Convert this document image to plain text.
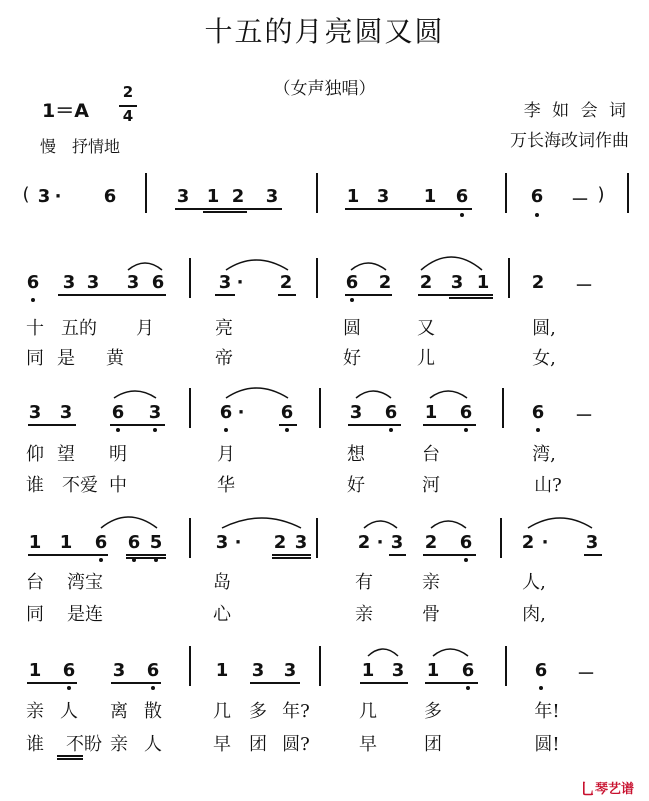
十五的月亮圆又圆
（女声独唱）
1＝A
2
4
慢　抒情地
李 如 会 词
万长海改词作曲
( 3 · 6	3 1 2 3	1 3 1 6	6 － )
6 3 3 3 6	3 · 2	6 2 2 3 1 2 －
十 五的 月	亮	圆	又	圆,
同 是 黄	帝	好	儿	女,
3 3 6 3	6 · 6	3 6 1 6	6 －
仰 望 明	月	想	台	湾,
谁 不爱 中	华	好	河	山?
1 1 6 6 5	3 · 2 3	2 · 3 2 6	2 · 3
台 湾宝	岛	有	亲	人,
同 是连	心	亲	骨	肉,
1 6 3 6	1 3 3	1 3 1 6	6 －
亲 人 离 散	几 多 年?	几	多	年!
谁 不盼 亲 人	早 团 圆?	早	团	圆!
乚 琴艺谱
